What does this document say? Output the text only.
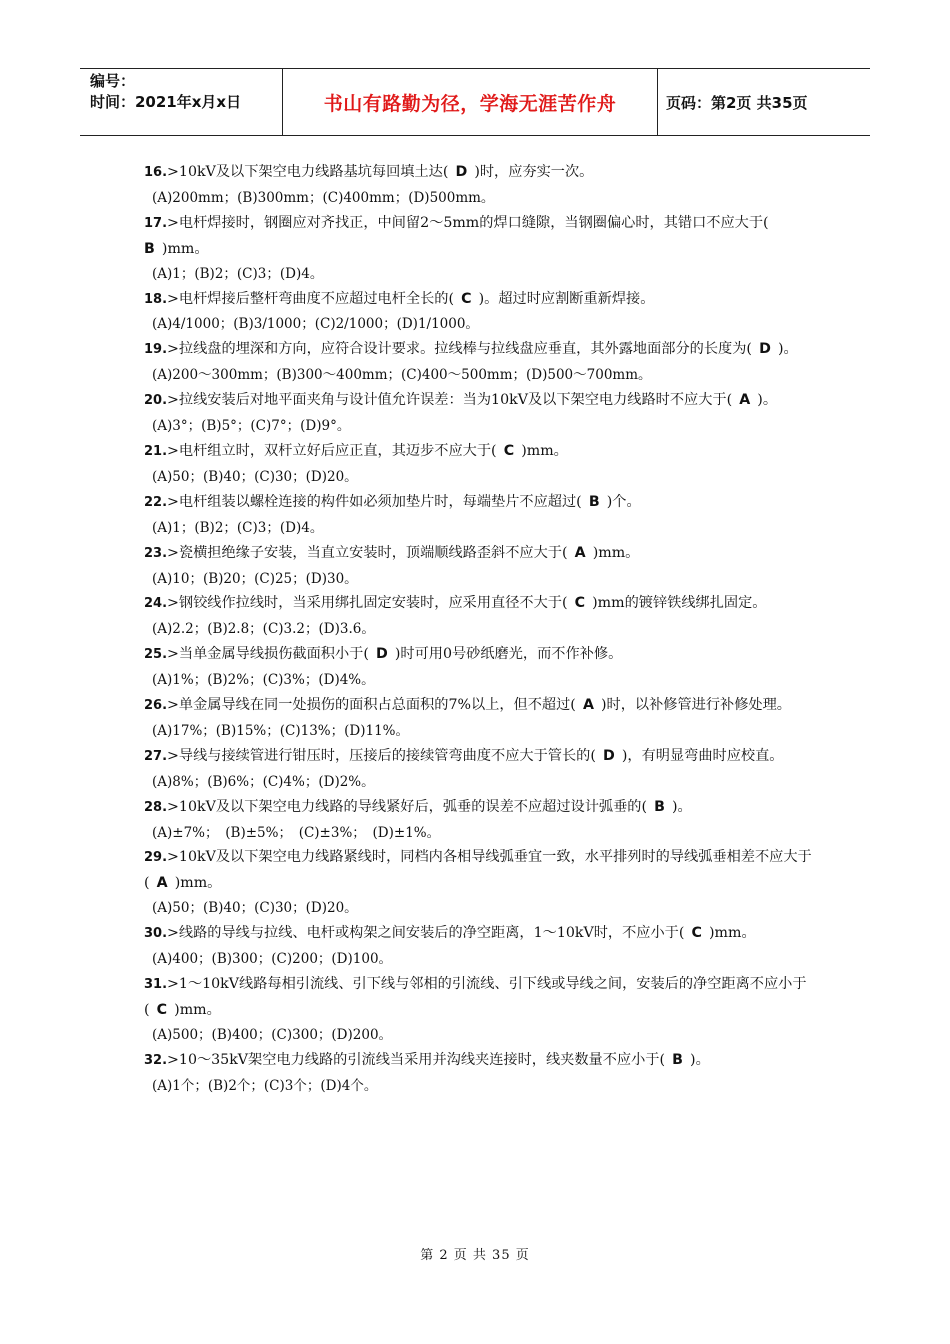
编号：
时间：2021年x月x日	书山有路勤为径，学海无涯苦作舟	页码：第2页 共35页

16.>10kV及以下架空电力线路基坑每回填土达(  D  )时，应夯实一次。

(A)200mm；(B)300mm；(C)400mm；(D)500mm。

17.>电杆焊接时，钢圈应对齐找正，中间留2～5mm的焊口缝隙，当钢圈偏心时，其错口不应大于( B  )mm。

(A)1；(B)2；(C)3；(D)4。

18.>电杆焊接后整杆弯曲度不应超过电杆全长的(  C  )。超过时应割断重新焊接。

(A)4/1000；(B)3/1000；(C)2/1000；(D)1/1000。

19.>拉线盘的埋深和方向，应符合设计要求。拉线棒与拉线盘应垂直，其外露地面部分的长度为(  D  )。

(A)200～300mm；(B)300～400mm；(C)400～500mm；(D)500～700mm。

20.>拉线安装后对地平面夹角与设计值允许误差：当为10kV及以下架空电力线路时不应大于(  A  )。

(A)3°；(B)5°；(C)7°；(D)9°。

21.>电杆组立时，双杆立好后应正直，其迈步不应大于(  C  )mm。

(A)50；(B)40；(C)30；(D)20。

22.>电杆组装以螺栓连接的构件如必须加垫片时，每端垫片不应超过(  B  )个。

(A)1；(B)2；(C)3；(D)4。

23.>瓷横担绝缘子安装，当直立安装时，顶端顺线路歪斜不应大于(  A  )mm。

(A)10；(B)20；(C)25；(D)30。

24.>钢铰线作拉线时，当采用绑扎固定安装时，应采用直径不大于(  C  )mm的镀锌铁线绑扎固定。

(A)2.2；(B)2.8；(C)3.2；(D)3.6。

25.>当单金属导线损伤截面积小于(  D  )时可用0号砂纸磨光，而不作补修。

(A)1%；(B)2%；(C)3%；(D)4%。

26.>单金属导线在同一处损伤的面积占总面积的7%以上，但不超过(  A  )时，以补修管进行补修处理。

(A)17%；(B)15%；(C)13%；(D)11%。

27.>导线与接续管进行钳压时，压接后的接续管弯曲度不应大于管长的(  D  )，有明显弯曲时应校直。

(A)8%；(B)6%；(C)4%；(D)2%。

28.>10kV及以下架空电力线路的导线紧好后，弧垂的误差不应超过设计弧垂的(  B  )。

(A)±7%；　(B)±5%；　(C)±3%；　(D)±1%。

29.>10kV及以下架空电力线路紧线时，同档内各相导线弧垂宜一致，水平排列时的导线弧垂相差不应大于(  A  )mm。

(A)50；(B)40；(C)30；(D)20。

30.>线路的导线与拉线、电杆或构架之间安装后的净空距离，1～10kV时，不应小于(  C  )mm。

(A)400；(B)300；(C)200；(D)100。

31.>1～10kV线路每相引流线、引下线与邻相的引流线、引下线或导线之间，安装后的净空距离不应小于(  C  )mm。

(A)500；(B)400；(C)300；(D)200。

32.>10～35kV架空电力线路的引流线当采用并沟线夹连接时，线夹数量不应小于(  B  )。

(A)1个；(B)2个；(C)3个；(D)4个。

第 2 页 共 35 页
